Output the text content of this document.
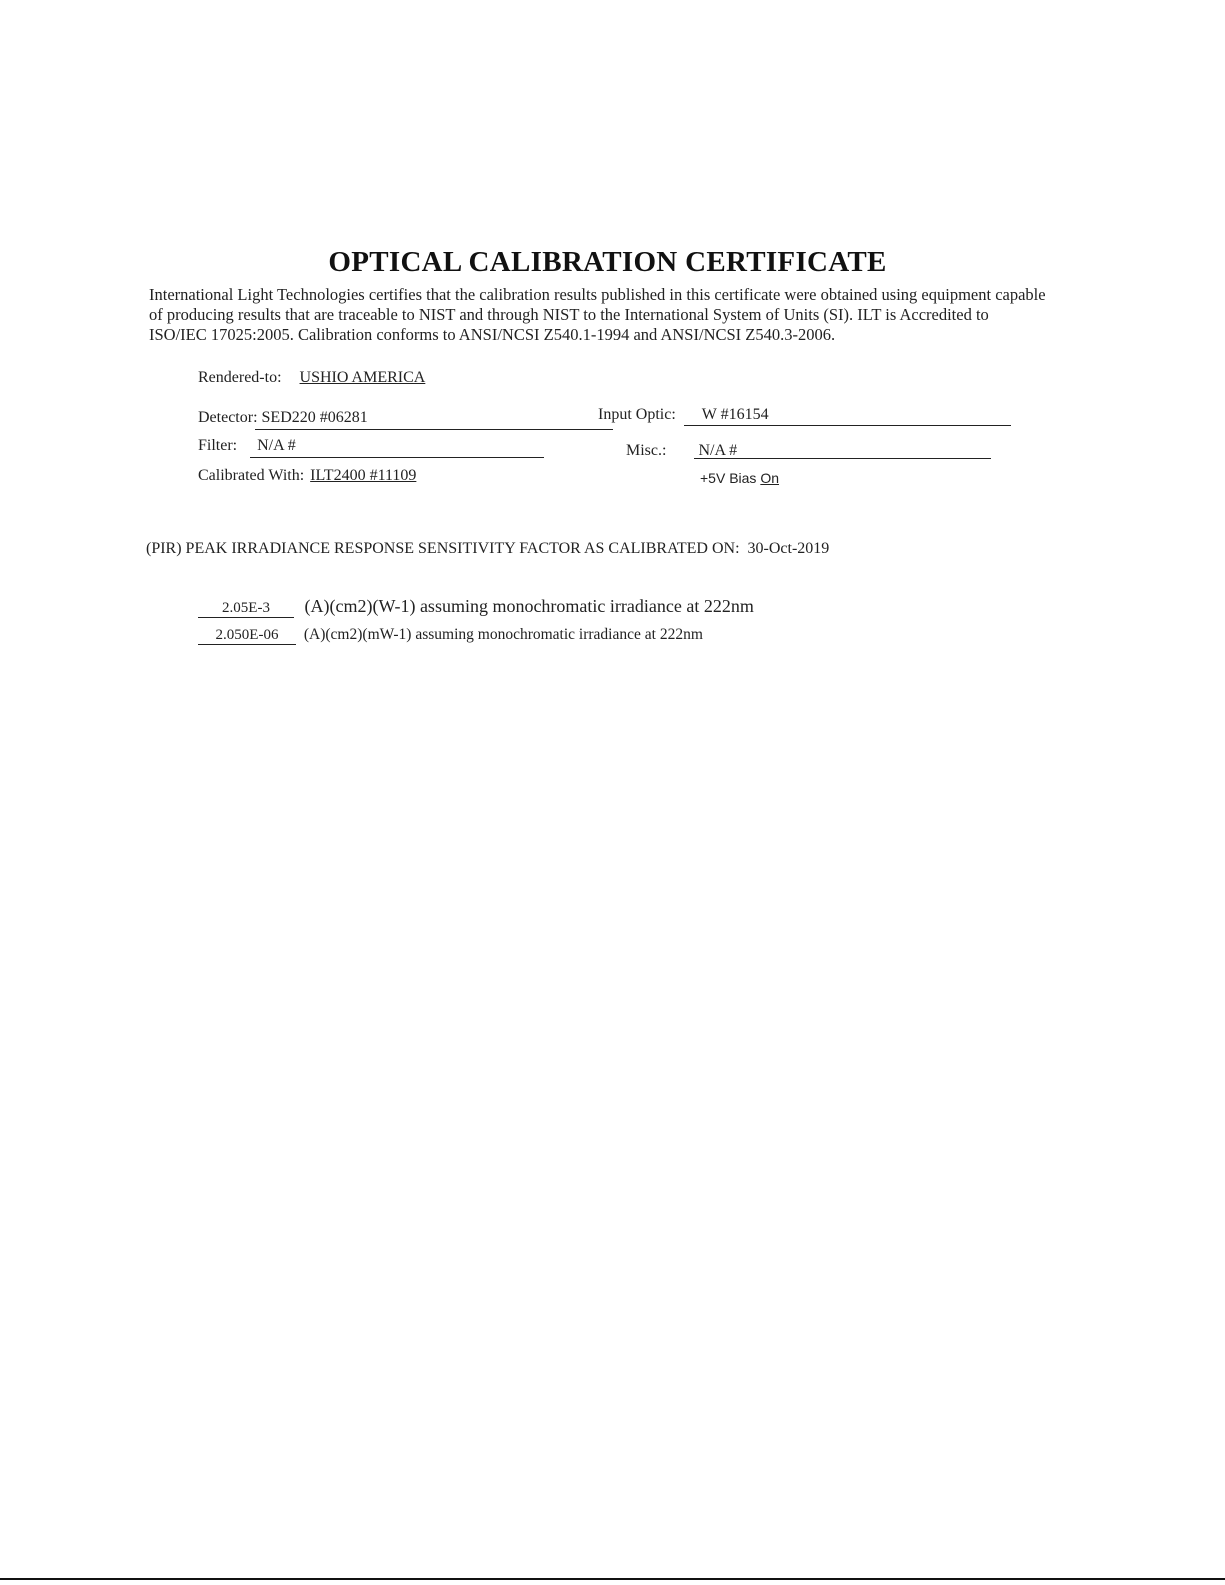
OPTICAL CALIBRATION CERTIFICATE
International Light Technologies certifies that the calibration results published in this certificate were obtained using equipment capable
of producing results that are traceable to NIST and through NIST to the International System of Units (SI). ILT is Accredited to
ISO/IEC 17025:2005. Calibration conforms to ANSI/NCSI Z540.1-1994 and ANSI/NCSI Z540.3-2006.
Rendered-to: USHIO AMERICA
Detector: SED220 #06281	Input Optic: W #16154
Filter: N/A #	Misc.: N/A #
Calibrated With: ILT2400 #11109	+5V Bias On
(PIR) PEAK IRRADIANCE RESPONSE SENSITIVITY FACTOR AS CALIBRATED ON: 30-Oct-2019
2.05E-3 (A)(cm2)(W-1) assuming monochromatic irradiance at 222nm
2.050E-06 (A)(cm2)(mW-1) assuming monochromatic irradiance at 222nm
